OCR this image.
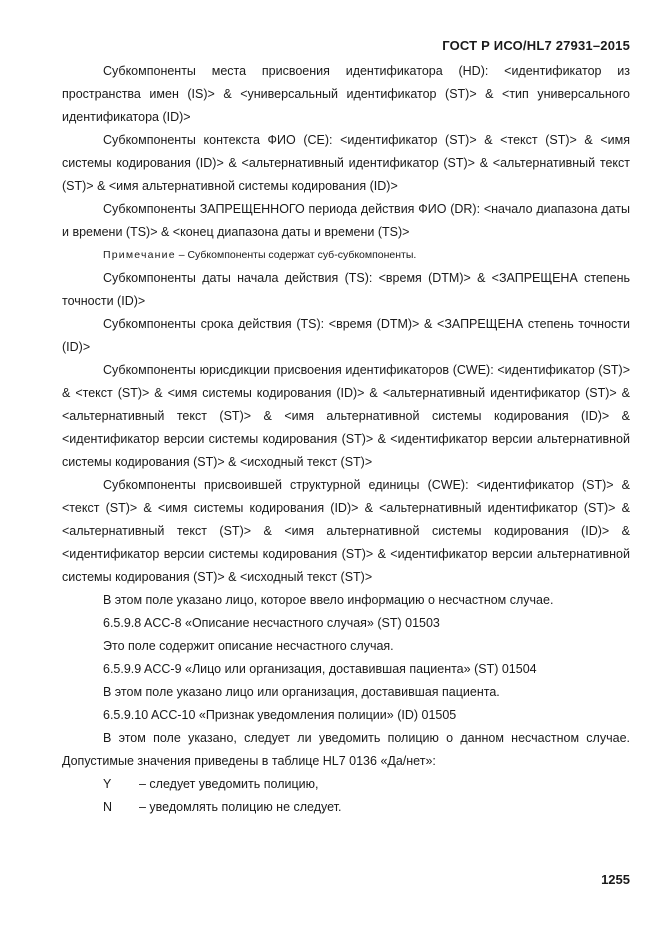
ГОСТ Р ИСО/HL7 27931–2015

Субкомпоненты места присвоения идентификатора (HD): <идентификатор из пространства имен (IS)> & <универсальный идентификатор (ST)> & <тип универсального идентификатора (ID)>

Субкомпоненты контекста ФИО (CE): <идентификатор (ST)> & <текст (ST)> & <имя системы кодирования (ID)> & <альтернативный идентификатор (ST)> & <альтернативный текст (ST)> & <имя альтернативной системы кодирования (ID)>

Субкомпоненты ЗАПРЕЩЕННОГО периода действия ФИО (DR): <начало диапазона даты и времени (TS)> & <конец диапазона даты и времени (TS)>

Примечание – Субкомпоненты содержат суб-субкомпоненты.

Субкомпоненты даты начала действия (TS): <время (DTM)> & <ЗАПРЕЩЕНА степень точности (ID)>

Субкомпоненты срока действия (TS): <время (DTM)> & <ЗАПРЕЩЕНА степень точности (ID)>

Субкомпоненты юрисдикции присвоения идентификаторов (CWE): <идентификатор (ST)> & <текст (ST)> & <имя системы кодирования (ID)> & <альтернативный идентификатор (ST)> & <альтернативный текст (ST)> & <имя альтернативной системы кодирования (ID)> & <идентификатор версии системы кодирования (ST)> & <идентификатор версии альтернативной системы кодирования (ST)> & <исходный текст (ST)>

Субкомпоненты присвоившей структурной единицы (CWE): <идентификатор (ST)> & <текст (ST)> & <имя системы кодирования (ID)> & <альтернативный идентификатор (ST)> & <альтернативный текст (ST)> & <имя альтернативной системы кодирования (ID)> & <идентификатор версии системы кодирования (ST)> & <идентификатор версии альтернативной системы кодирования (ST)> & <исходный текст (ST)>

В этом поле указано лицо, которое ввело информацию о несчастном случае.

6.5.9.8 ACC-8 «Описание несчастного случая» (ST) 01503

Это поле содержит описание несчастного случая.

6.5.9.9 ACC-9 «Лицо или организация, доставившая пациента» (ST) 01504

В этом поле указано лицо или организация, доставившая пациента.

6.5.9.10 ACC-10 «Признак уведомления полиции» (ID) 01505

В этом поле указано, следует ли уведомить полицию о данном несчастном случае. Допустимые значения приведены в таблице HL7 0136 «Да/нет»:

Y – следует уведомить полицию,

N – уведомлять полицию не следует.

1255
